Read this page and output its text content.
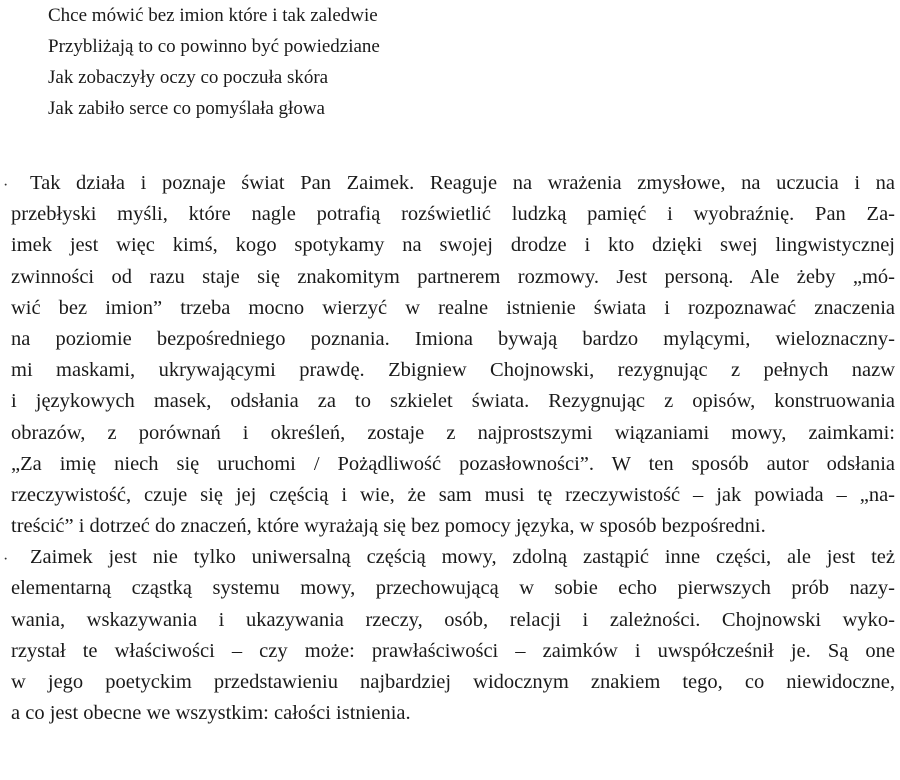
Chce mówić bez imion które i tak zaledwie
Przybliżają to co powinno być powiedziane
Jak zobaczyły oczy co poczuła skóra
Jak zabiło serce co pomyślała głowa
· Tak działa i poznaje świat Pan Zaimek. Reaguje na wrażenia zmysłowe, na uczucia i na
przebłyski myśli, które nagle potrafią rozświetlić ludzką pamięć i wyobraźnię. Pan Za-
imek jest więc kimś, kogo spotykamy na swojej drodze i kto dzięki swej lingwistycznej
zwinności od razu staje się znakomitym partnerem rozmowy. Jest personą. Ale żeby „mó-
wić bez imion” trzeba mocno wierzyć w realne istnienie świata i rozpoznawać znaczenia
na poziomie bezpośredniego poznania. Imiona bywają bardzo mylącymi, wieloznaczny-
mi maskami, ukrywającymi prawdę. Zbigniew Chojnowski, rezygnując z pełnych nazw
i językowych masek, odsłania za to szkielet świata. Rezygnując z opisów, konstruowania
obrazów, z porównań i określeń, zostaje z najprostszymi wiązaniami mowy, zaimkami:
„Za imię niech się uruchomi / Pożądliwość pozasłowności”. W ten sposób autor odsłania
rzeczywistość, czuje się jej częścią i wie, że sam musi tę rzeczywistość – jak powiada – „na-
treścić” i dotrzeć do znaczeń, które wyrażają się bez pomocy języka, w sposób bezpośredni.
· Zaimek jest nie tylko uniwersalną częścią mowy, zdolną zastąpić inne części, ale jest też
elementarną cząstką systemu mowy, przechowującą w sobie echo pierwszych prób nazy-
wania, wskazywania i ukazywania rzeczy, osób, relacji i zależności. Chojnowski wyko-
rzystał te właściwości – czy może: prawłaściwości – zaimków i uwspółcześnił je. Są one
w jego poetyckim przedstawieniu najbardziej widocznym znakiem tego, co niewidoczne,
a co jest obecne we wszystkim: całości istnienia.
